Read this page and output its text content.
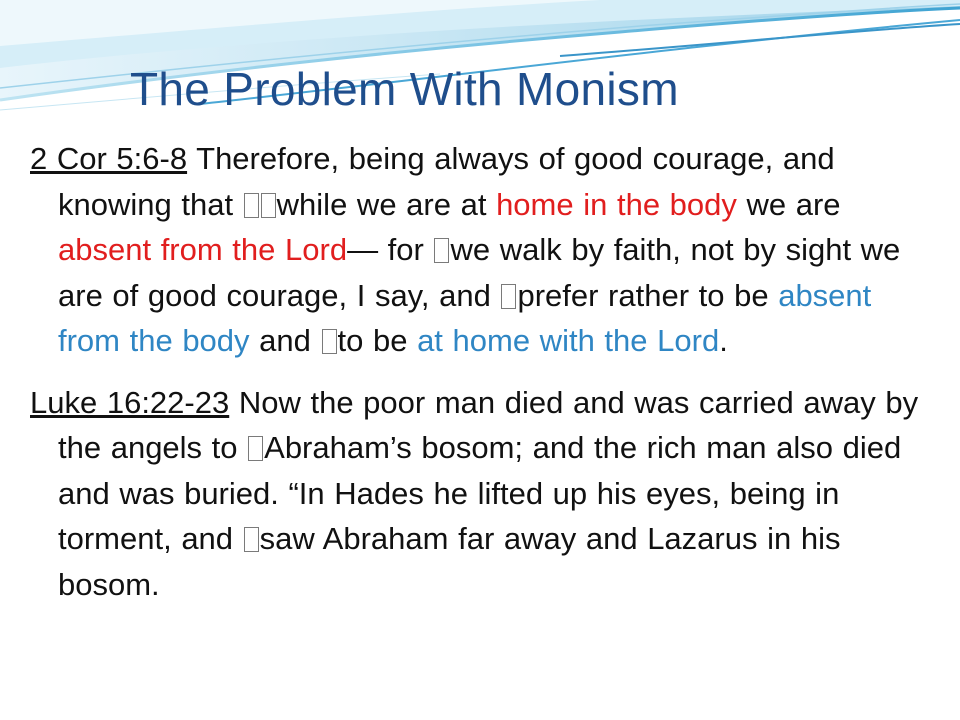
The Problem With Monism

2 Cor 5:6-8 Therefore, being always of good courage, and knowing that while we are at home in the body we are absent from the Lord— for we walk by faith, not by sight we are of good courage, I say, and prefer rather to be absent from the body and to be at home with the Lord.

Luke 16:22-23 Now the poor man died and was carried away by the angels to Abraham’s bosom; and the rich man also died and was buried. “In Hades he lifted up his eyes, being in torment, and saw Abraham far away and Lazarus in his bosom.
